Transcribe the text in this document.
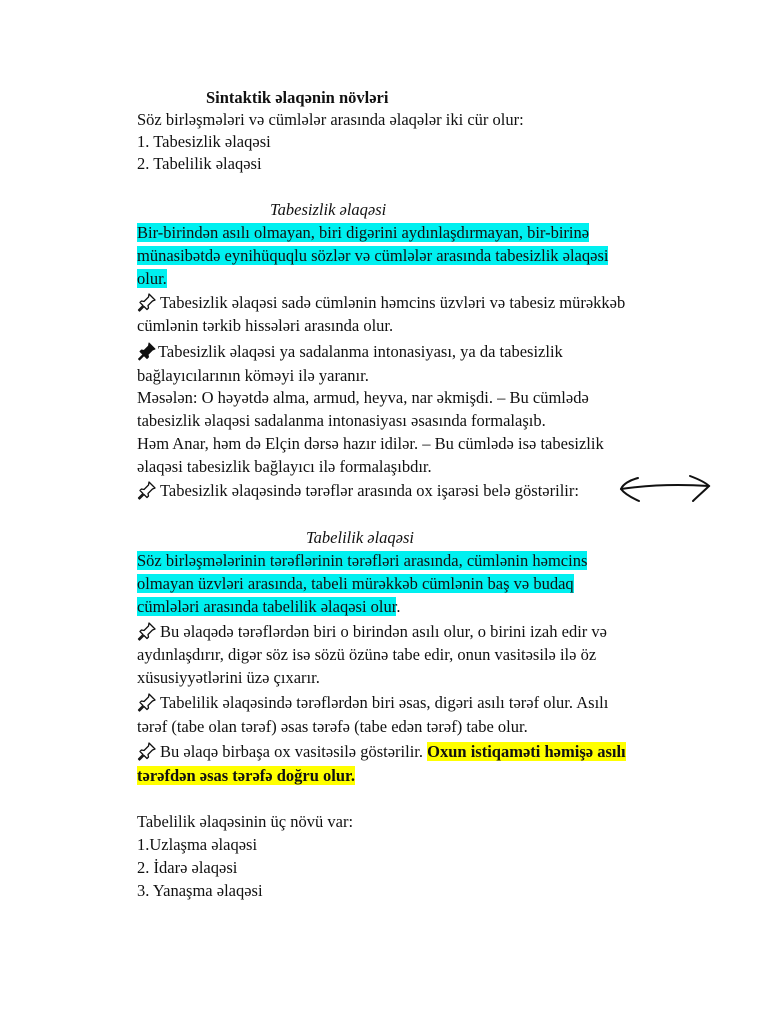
Sintaktik əlaqənin növləri
Söz birləşmələri və cümlələr arasında əlaqələr iki cür olur:
1. Tabesizlik əlaqəsi
2. Tabelilik əlaqəsi
Tabesizlik əlaqəsi
Bir-birindən asılı olmayan, biri digərini aydınlaşdırmayan, bir-birinə
münasibətdə eynihüquqlu sözlər və cümlələr arasında tabesizlik əlaqəsi
olur.
Tabesizlik əlaqəsi sadə cümlənin həmcins üzvləri və tabesiz mürəkkəb
cümlənin tərkib hissələri arasında olur.
Tabesizlik əlaqəsi ya sadalanma intonasiyası, ya da tabesizlik
bağlayıcılarının köməyi ilə yaranır.
Məsələn: O həyətdə alma, armud, heyva, nar əkmişdi. – Bu cümlədə
tabesizlik əlaqəsi sadalanma intonasiyası əsasında formalaşıb.
Həm Anar, həm də Elçin dərsə hazır idilər. – Bu cümlədə isə tabesizlik
əlaqəsi tabesizlik bağlayıcı ilə formalaşıbdır.
Tabesizlik əlaqəsində tərəflər arasında ox işarəsi belə göstərilir:
Tabelilik əlaqəsi
Söz birləşmələrinin tərəflərinin tərəfləri arasında, cümlənin həmcins
olmayan üzvləri arasında, tabeli mürəkkəb cümlənin baş və budaq
cümlələri arasında tabelilik əlaqəsi olur.
Bu əlaqədə tərəflərdən biri o birindən asılı olur, o birini izah edir və
aydınlaşdırır, digər söz isə sözü özünə tabe edir, onun vasitəsilə ilə öz
xüsusiyyətlərini üzə çıxarır.
Tabelilik əlaqəsində tərəflərdən biri əsas, digəri asılı tərəf olur. Asılı
tərəf (tabe olan tərəf) əsas tərəfə (tabe edən tərəf) tabe olur.
Bu əlaqə birbaşa ox vasitəsilə göstərilir. Oxun istiqaməti həmişə asılı
tərəfdən əsas tərəfə doğru olur.
Tabelilik əlaqəsinin üç növü var:
1.Uzlaşma əlaqəsi
2. İdarə əlaqəsi
3. Yanaşma əlaqəsi
